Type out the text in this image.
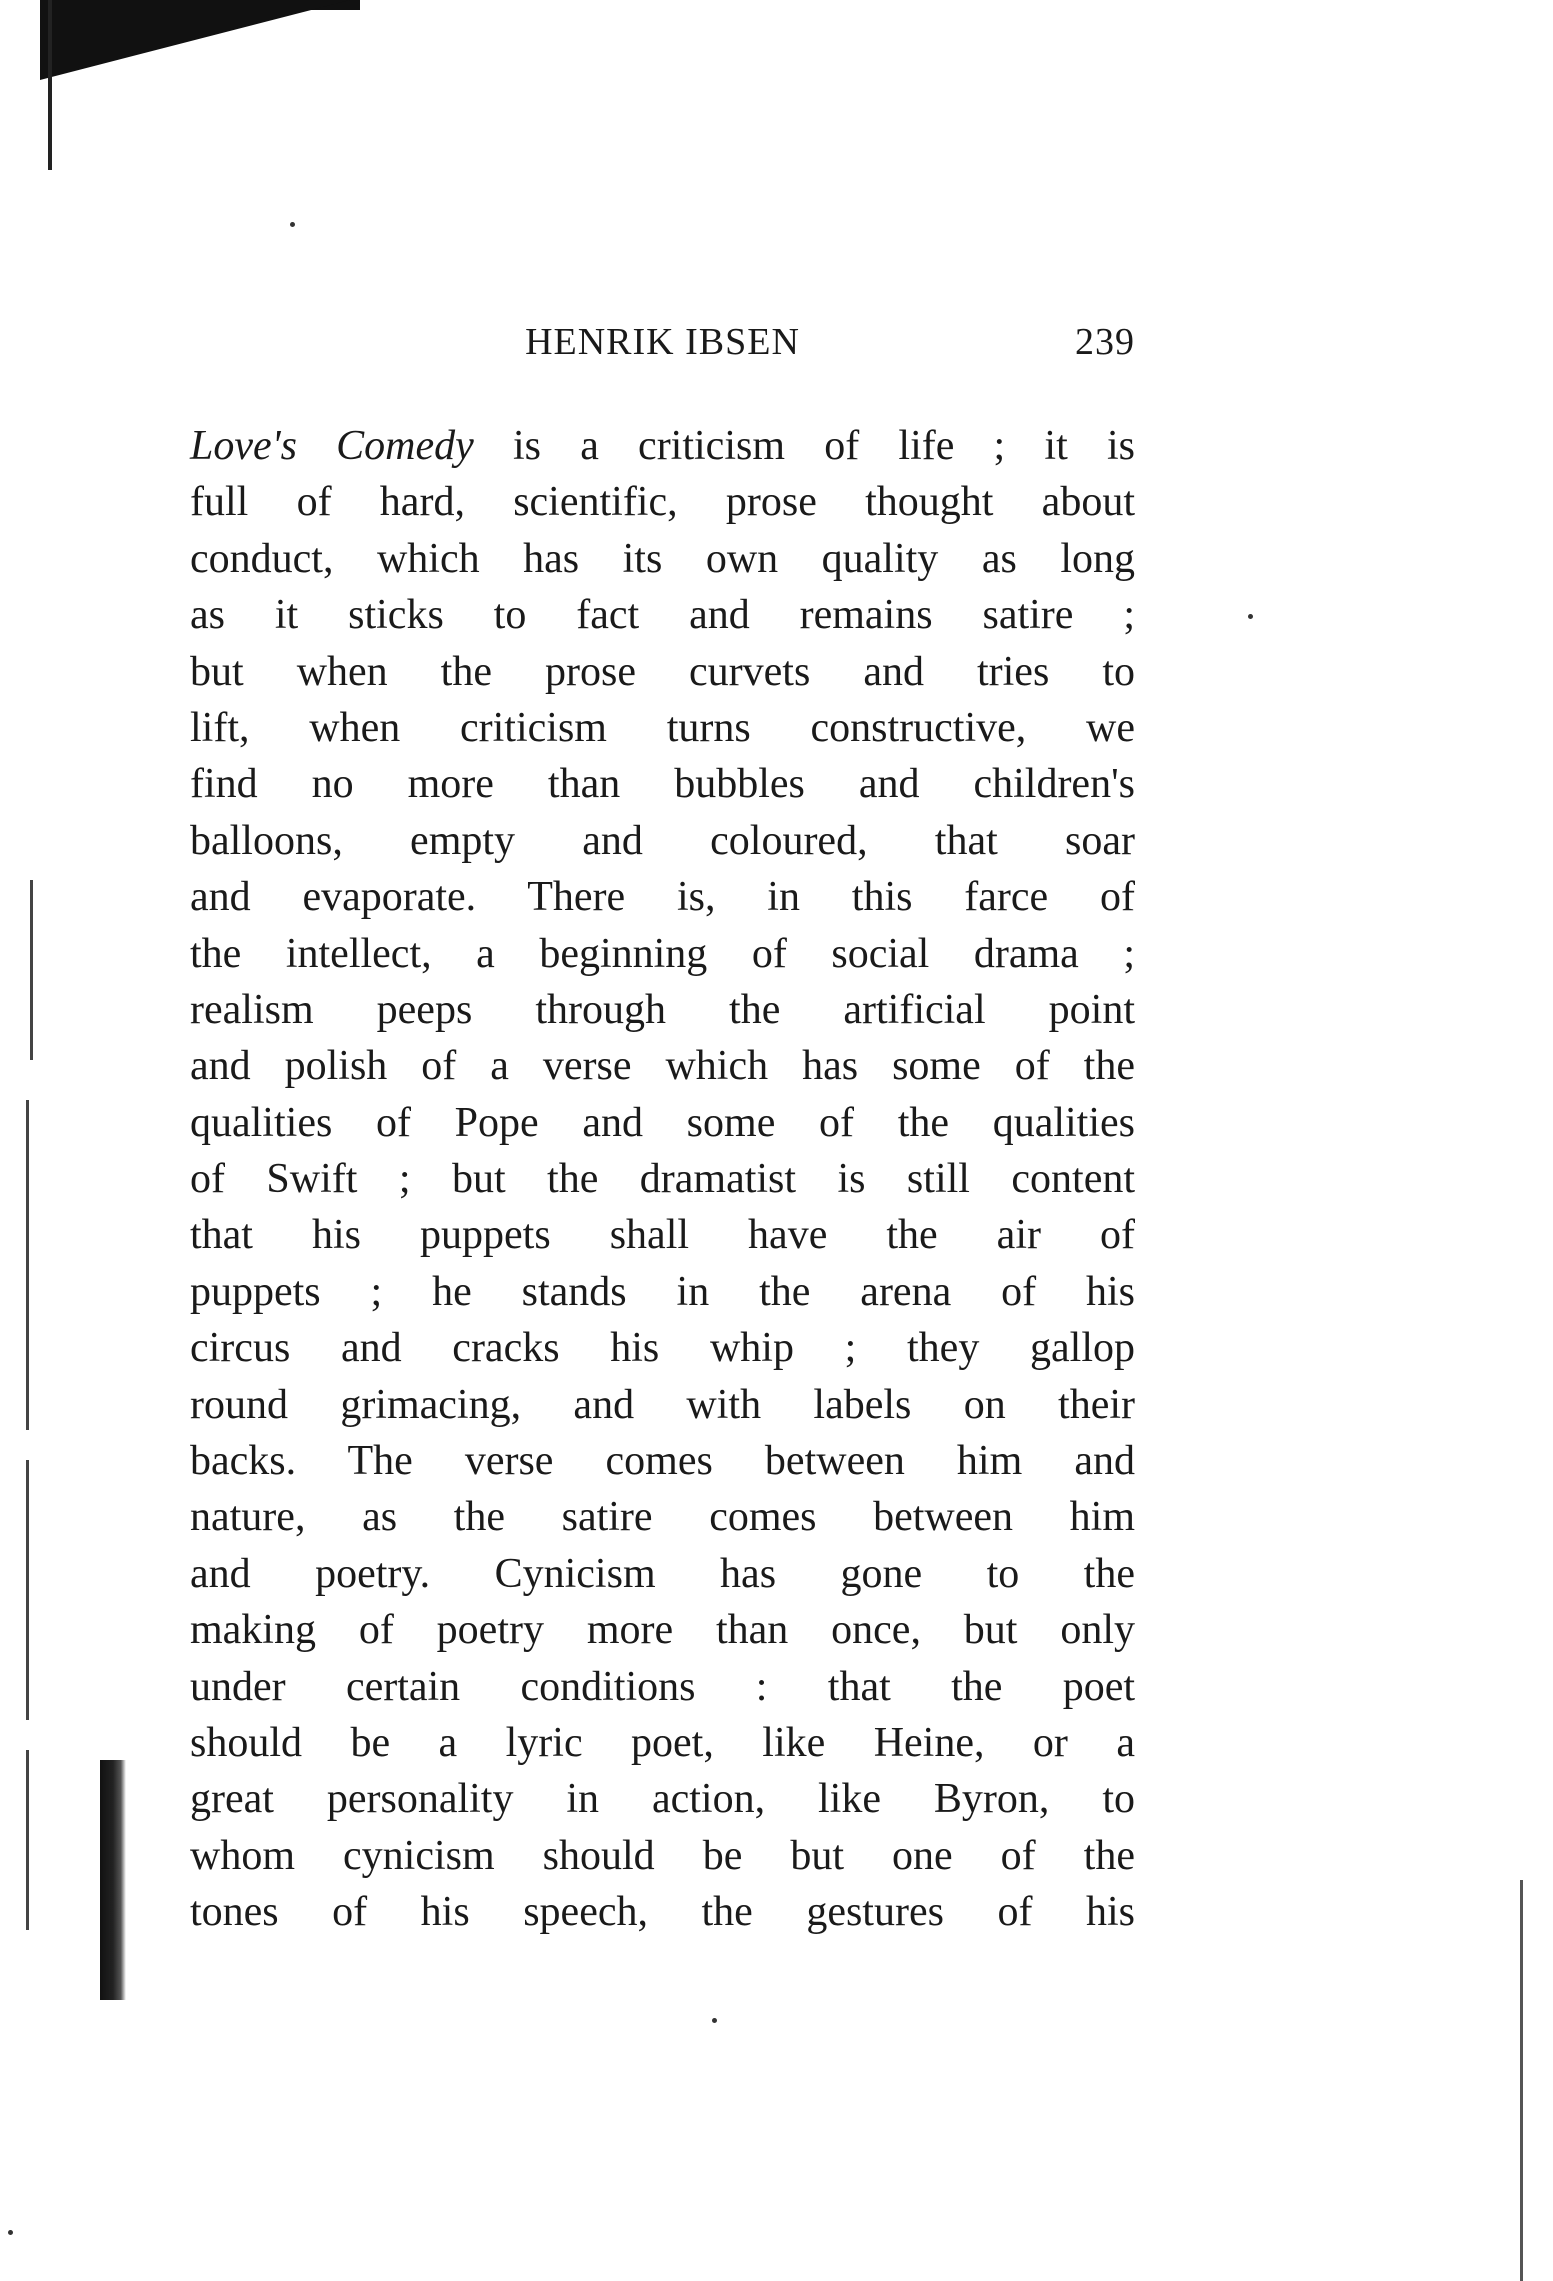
HENRIK IBSEN	239
Love's Comedy is a criticism of life ; it is
full of hard, scientific, prose thought about
conduct, which has its own quality as long
as it sticks to fact and remains satire ;
but when the prose curvets and tries to
lift, when criticism turns constructive, we
find no more than bubbles and children's
balloons, empty and coloured, that soar
and evaporate. There is, in this farce of
the intellect, a beginning of social drama ;
realism peeps through the artificial point
and polish of a verse which has some of the
qualities of Pope and some of the qualities
of Swift ; but the dramatist is still content
that his puppets shall have the air of
puppets ; he stands in the arena of his
circus and cracks his whip ; they gallop
round grimacing, and with labels on their
backs. The verse comes between him and
nature, as the satire comes between him
and poetry. Cynicism has gone to the
making of poetry more than once, but only
under certain conditions : that the poet
should be a lyric poet, like Heine, or a
great personality in action, like Byron, to
whom cynicism should be but one of the
tones of his speech, the gestures of his
